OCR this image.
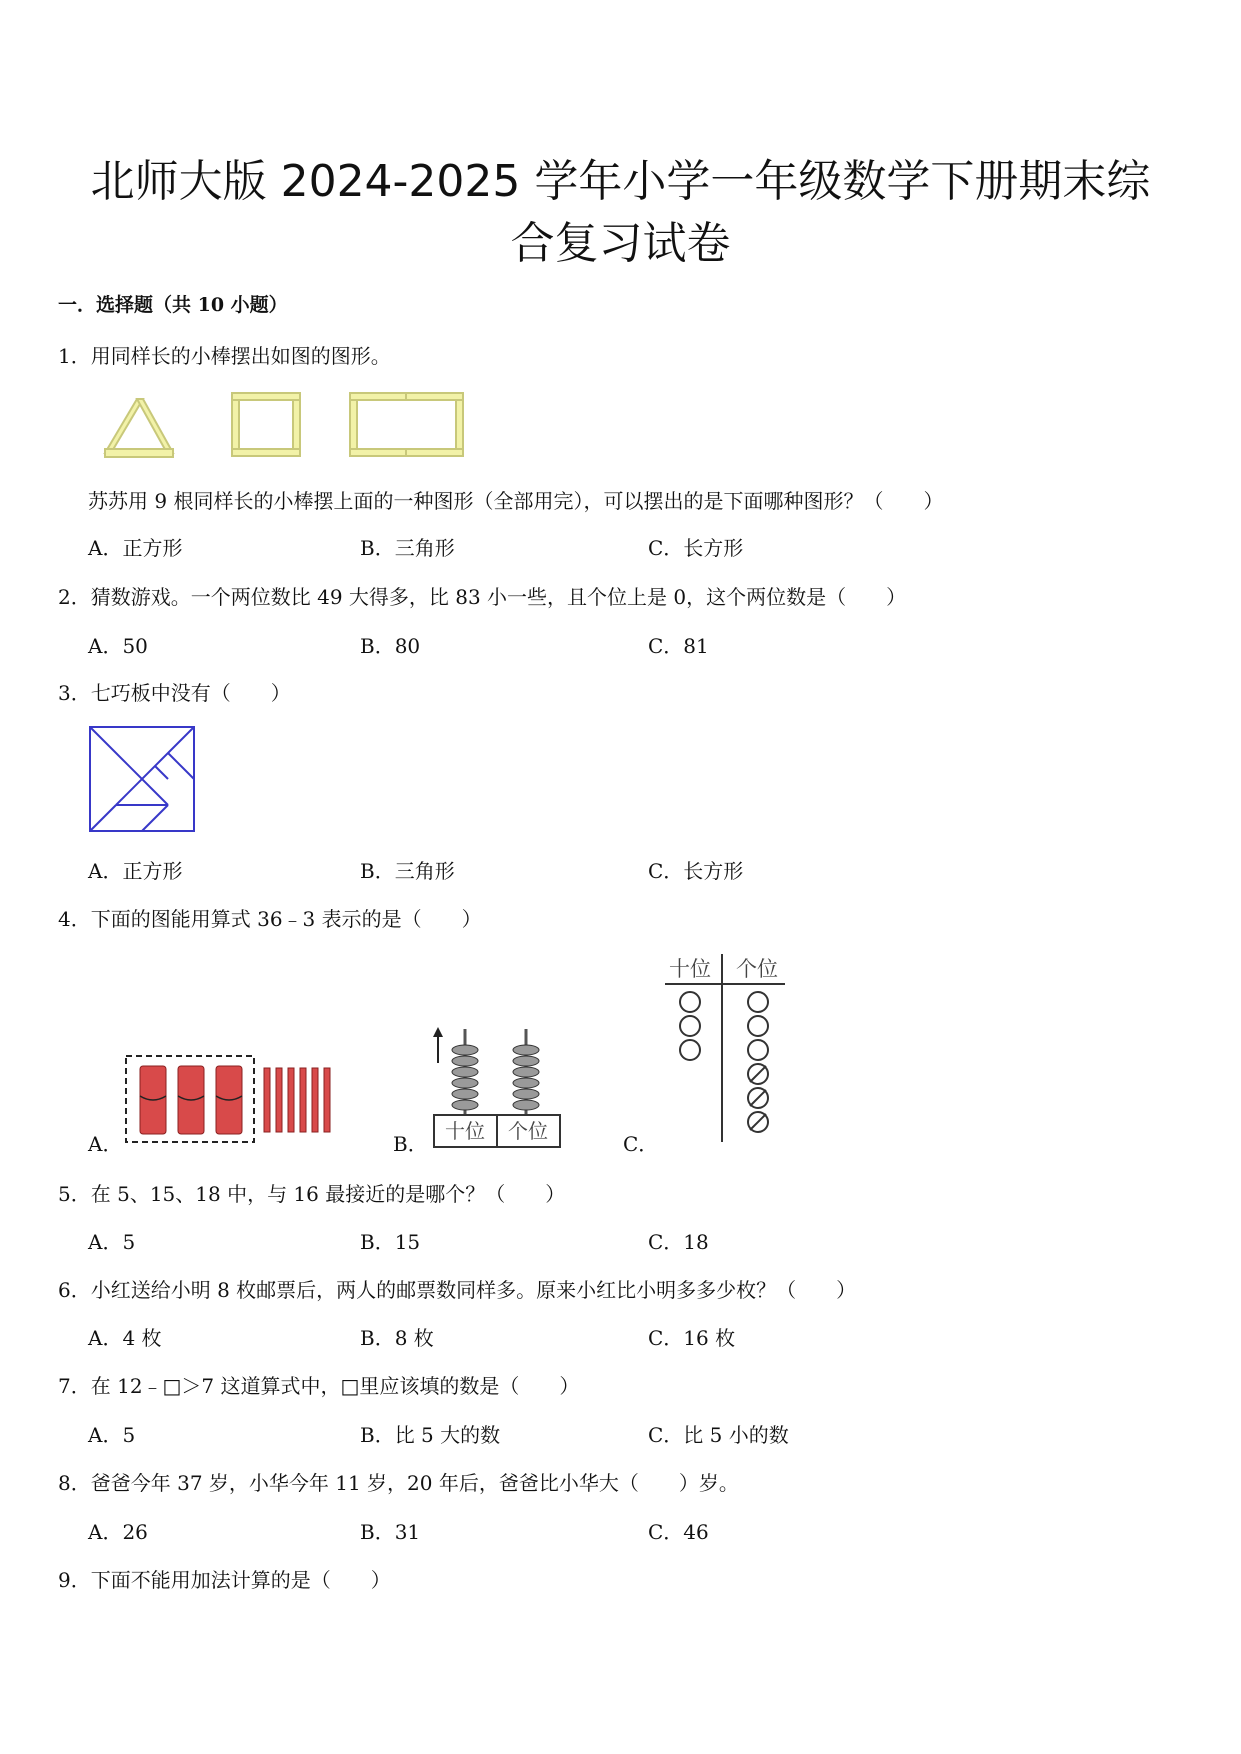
北师大版 2024-2025 学年小学一年级数学下册期末综
合复习试卷
一．选择题（共 10 小题）
1．用同样长的小棒摆出如图的图形。
苏苏用 9 根同样长的小棒摆上面的一种图形（全部用完），可以摆出的是下面哪种图形？（　　）
A．正方形	B．三角形	C．长方形
2．猜数游戏。一个两位数比 49 大得多，比 83 小一些，且个位上是 0，这个两位数是（　　）
A．50	B．80	C．81
3．七巧板中没有（　　）
A．正方形	B．三角形	C．长方形
4．下面的图能用算式 36﹣3 表示的是（　　）
A．	B．
十位 个位
C．
十位 个位
5．在 5、15、18 中，与 16 最接近的是哪个？（　　）
A．5	B．15	C．18
6．小红送给小明 8 枚邮票后，两人的邮票数同样多。原来小红比小明多多少枚？（　　）
A．4 枚	B．8 枚	C．16 枚
7．在 12﹣□＞7 这道算式中，□里应该填的数是（　　）
A．5	B．比 5 大的数	C．比 5 小的数
8．爸爸今年 37 岁，小华今年 11 岁，20 年后，爸爸比小华大（　　）岁。
A．26	B．31	C．46
9．下面不能用加法计算的是（　　）
